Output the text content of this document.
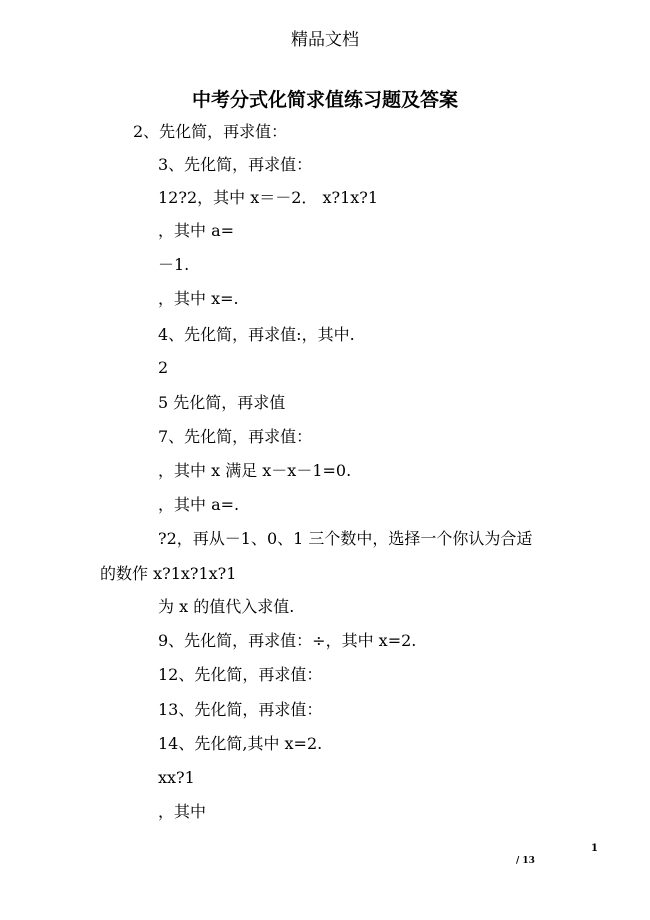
精品文档
中考分式化简求值练习题及答案
2、先化简，再求值：
3、先化简，再求值：
12?2，其中 x＝－2． x?1x?1
，其中 a=
－1.
，其中 x=.
4、先化简，再求值:，其中.
2
5 先化简，再求值
7、先化简，再求值：
，其中 x 满足 x－x－1=0.
，其中 a=.
?2，再从－1、0、1 三个数中，选择一个你认为合适
的数作 x?1x?1x?1
为 x 的值代入求值.
9、先化简，再求值：÷，其中 x=2.
12、先化简，再求值：
13、先化简，再求值：
14、先化简,其中 x=2.
xx?1
，其中
1
/ 13
